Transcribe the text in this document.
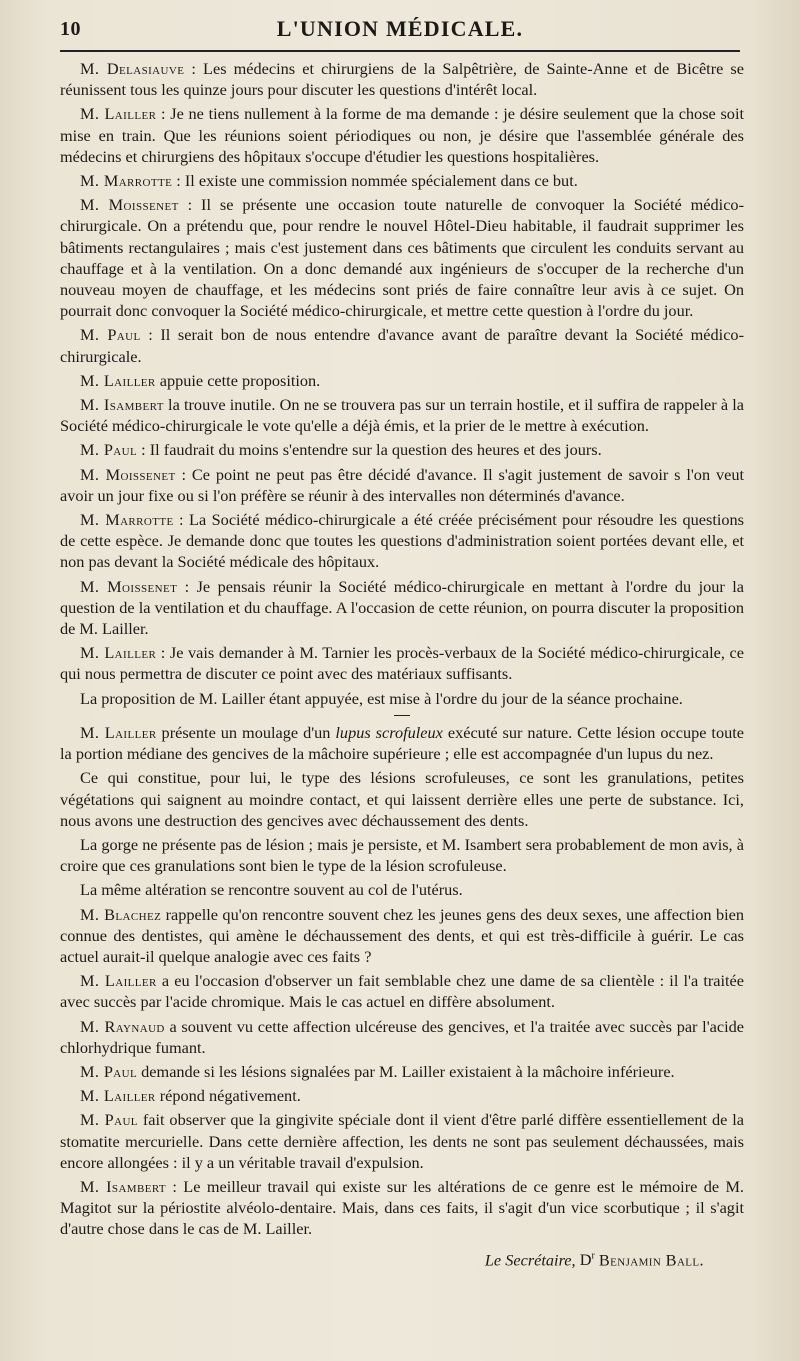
10	L'UNION MÉDICALE.

M. Delasiauve : Les médecins et chirurgiens de la Salpêtrière, de Sainte-Anne et de Bicêtre se réunissent tous les quinze jours pour discuter les questions d'intérêt local.

M. Lailler : Je ne tiens nullement à la forme de ma demande : je désire seulement que la chose soit mise en train. Que les réunions soient périodiques ou non, je désire que l'assemblée générale des médecins et chirurgiens des hôpitaux s'occupe d'étudier les questions hospitalières.

M. Marrotte : Il existe une commission nommée spécialement dans ce but.

M. Moissenet : Il se présente une occasion toute naturelle de convoquer la Société médico-chirurgicale. On a prétendu que, pour rendre le nouvel Hôtel-Dieu habitable, il faudrait supprimer les bâtiments rectangulaires ; mais c'est justement dans ces bâtiments que circulent les conduits servant au chauffage et à la ventilation. On a donc demandé aux ingénieurs de s'occuper de la recherche d'un nouveau moyen de chauffage, et les médecins sont priés de faire connaître leur avis à ce sujet. On pourrait donc convoquer la Société médico-chirurgicale, et mettre cette question à l'ordre du jour.

M. Paul : Il serait bon de nous entendre d'avance avant de paraître devant la Société médico-chirurgicale.

M. Lailler appuie cette proposition.

M. Isambert la trouve inutile. On ne se trouvera pas sur un terrain hostile, et il suffira de rappeler à la Société médico-chirurgicale le vote qu'elle a déjà émis, et la prier de le mettre à exécution.

M. Paul : Il faudrait du moins s'entendre sur la question des heures et des jours.

M. Moissenet : Ce point ne peut pas être décidé d'avance. Il s'agit justement de savoir s l'on veut avoir un jour fixe ou si l'on préfère se réunir à des intervalles non déterminés d'avance.

M. Marrotte : La Société médico-chirurgicale a été créée précisément pour résoudre les questions de cette espèce. Je demande donc que toutes les questions d'administration soient portées devant elle, et non pas devant la Société médicale des hôpitaux.

M. Moissenet : Je pensais réunir la Société médico-chirurgicale en mettant à l'ordre du jour la question de la ventilation et du chauffage. A l'occasion de cette réunion, on pourra discuter la proposition de M. Lailler.

M. Lailler : Je vais demander à M. Tarnier les procès-verbaux de la Société médico-chirurgicale, ce qui nous permettra de discuter ce point avec des matériaux suffisants.

La proposition de M. Lailler étant appuyée, est mise à l'ordre du jour de la séance prochaine.

M. Lailler présente un moulage d'un lupus scrofuleux exécuté sur nature. Cette lésion occupe toute la portion médiane des gencives de la mâchoire supérieure ; elle est accompagnée d'un lupus du nez.

Ce qui constitue, pour lui, le type des lésions scrofuleuses, ce sont les granulations, petites végétations qui saignent au moindre contact, et qui laissent derrière elles une perte de substance. Ici, nous avons une destruction des gencives avec déchaussement des dents.

La gorge ne présente pas de lésion ; mais je persiste, et M. Isambert sera probablement de mon avis, à croire que ces granulations sont bien le type de la lésion scrofuleuse.

La même altération se rencontre souvent au col de l'utérus.

M. Blachez rappelle qu'on rencontre souvent chez les jeunes gens des deux sexes, une affection bien connue des dentistes, qui amène le déchaussement des dents, et qui est très-difficile à guérir. Le cas actuel aurait-il quelque analogie avec ces faits ?

M. Lailler a eu l'occasion d'observer un fait semblable chez une dame de sa clientèle : il l'a traitée avec succès par l'acide chromique. Mais le cas actuel en diffère absolument.

M. Raynaud a souvent vu cette affection ulcéreuse des gencives, et l'a traitée avec succès par l'acide chlorhydrique fumant.

M. Paul demande si les lésions signalées par M. Lailler existaient à la mâchoire inférieure.

M. Lailler répond négativement.

M. Paul fait observer que la gingivite spéciale dont il vient d'être parlé diffère essentiellement de la stomatite mercurielle. Dans cette dernière affection, les dents ne sont pas seulement déchaussées, mais encore allongées : il y a un véritable travail d'expulsion.

M. Isambert : Le meilleur travail qui existe sur les altérations de ce genre est le mémoire de M. Magitot sur la périostite alvéolo-dentaire. Mais, dans ces faits, il s'agit d'un vice scorbutique ; il s'agit d'autre chose dans le cas de M. Lailler.

Le Secrétaire, $D^r$ Benjamin Ball.
